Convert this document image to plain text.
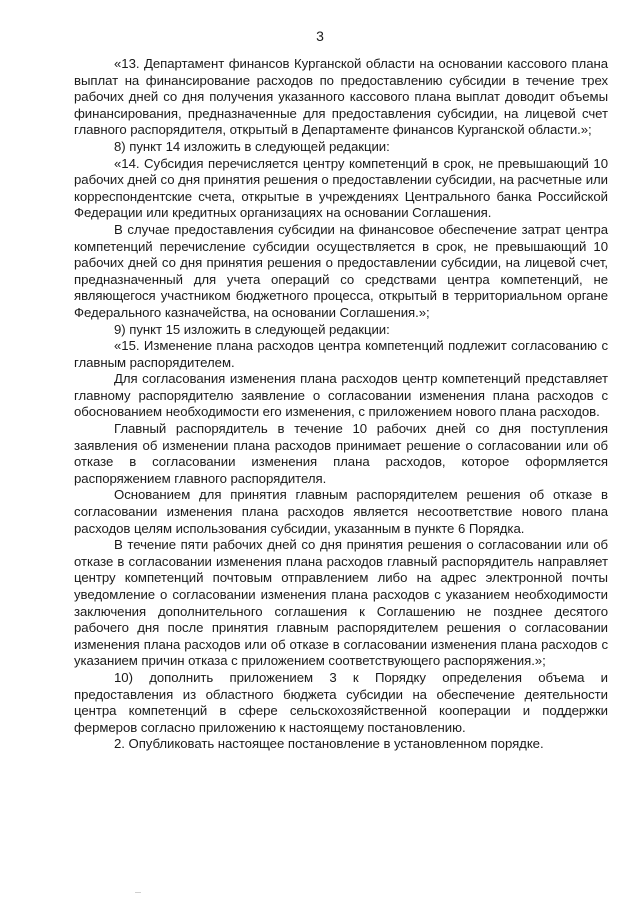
3

«13. Департамент финансов Курганской области на основании кассового плана выплат на финансирование расходов по предоставлению субсидии в течение трех рабочих дней со дня получения указанного кассового плана выплат доводит объемы финансирования, предназначенные для предоставления субсидии, на лицевой счет главного распорядителя, открытый в Департаменте финансов Курганской области.»;

8) пункт 14 изложить в следующей редакции:

«14. Субсидия перечисляется центру компетенций в срок, не превышающий 10 рабочих дней со дня принятия решения о предоставлении субсидии, на расчетные или корреспондентские счета, открытые в учреждениях Центрального банка Российской Федерации или кредитных организациях на основании Соглашения.

В случае предоставления субсидии на финансовое обеспечение затрат центра компетенций перечисление субсидии осуществляется в срок, не превышающий 10 рабочих дней со дня принятия решения о предоставлении субсидии, на лицевой счет, предназначенный для учета операций со средствами центра компетенций, не являющегося участником бюджетного процесса, открытый в территориальном органе Федерального казначейства, на основании Соглашения.»;

9) пункт 15 изложить в следующей редакции:

«15. Изменение плана расходов центра компетенций подлежит согласованию с главным распорядителем.

Для согласования изменения плана расходов центр компетенций представляет главному распорядителю заявление о согласовании изменения плана расходов с обоснованием необходимости его изменения, с приложением нового плана расходов.

Главный распорядитель в течение 10 рабочих дней со дня поступления заявления об изменении плана расходов принимает решение о согласовании или об отказе в согласовании изменения плана расходов, которое оформляется распоряжением главного распорядителя.

Основанием для принятия главным распорядителем решения об отказе в согласовании изменения плана расходов является несоответствие нового плана расходов целям использования субсидии, указанным в пункте 6 Порядка.

В течение пяти рабочих дней со дня принятия решения о согласовании или об отказе в согласовании изменения плана расходов главный распорядитель направляет центру компетенций почтовым отправлением либо на адрес электронной почты уведомление о согласовании изменения плана расходов с указанием необходимости заключения дополнительного соглашения к Соглашению не позднее десятого рабочего дня после принятия главным распорядителем решения о согласовании изменения плана расходов или об отказе в согласовании изменения плана расходов с указанием причин отказа с приложением соответствующего распоряжения.»;

10) дополнить приложением 3 к Порядку определения объема и предоставления из областного бюджета субсидии на обеспечение деятельности центра компетенций в сфере сельскохозяйственной кооперации и поддержки фермеров согласно приложению к настоящему постановлению.

2. Опубликовать настоящее постановление в установленном порядке.
